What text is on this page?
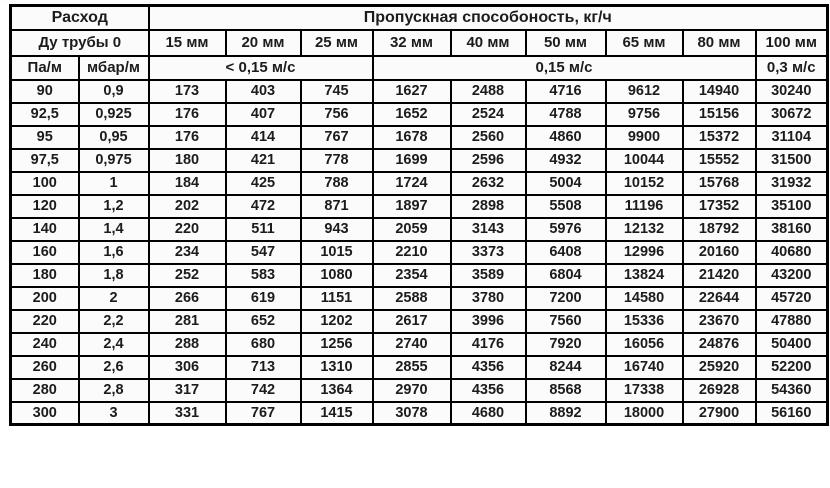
Расход		Пропускная способоность, кг/ч								
Ду трубы 0		15 мм	20 мм	25 мм	32 мм	40 мм	50 мм	65 мм	80 мм	100 мм
Па/м	мбар/м	< 0,15 м/с			0,15 м/с					0,3 м/с
90	0,9	173	403	745	1627	2488	4716	9612	14940	30240
92,5	0,925	176	407	756	1652	2524	4788	9756	15156	30672
95	0,95	176	414	767	1678	2560	4860	9900	15372	31104
97,5	0,975	180	421	778	1699	2596	4932	10044	15552	31500
100	1	184	425	788	1724	2632	5004	10152	15768	31932
120	1,2	202	472	871	1897	2898	5508	11196	17352	35100
140	1,4	220	511	943	2059	3143	5976	12132	18792	38160
160	1,6	234	547	1015	2210	3373	6408	12996	20160	40680
180	1,8	252	583	1080	2354	3589	6804	13824	21420	43200
200	2	266	619	1151	2588	3780	7200	14580	22644	45720
220	2,2	281	652	1202	2617	3996	7560	15336	23670	47880
240	2,4	288	680	1256	2740	4176	7920	16056	24876	50400
260	2,6	306	713	1310	2855	4356	8244	16740	25920	52200
280	2,8	317	742	1364	2970	4356	8568	17338	26928	54360
300	3	331	767	1415	3078	4680	8892	18000	27900	56160
